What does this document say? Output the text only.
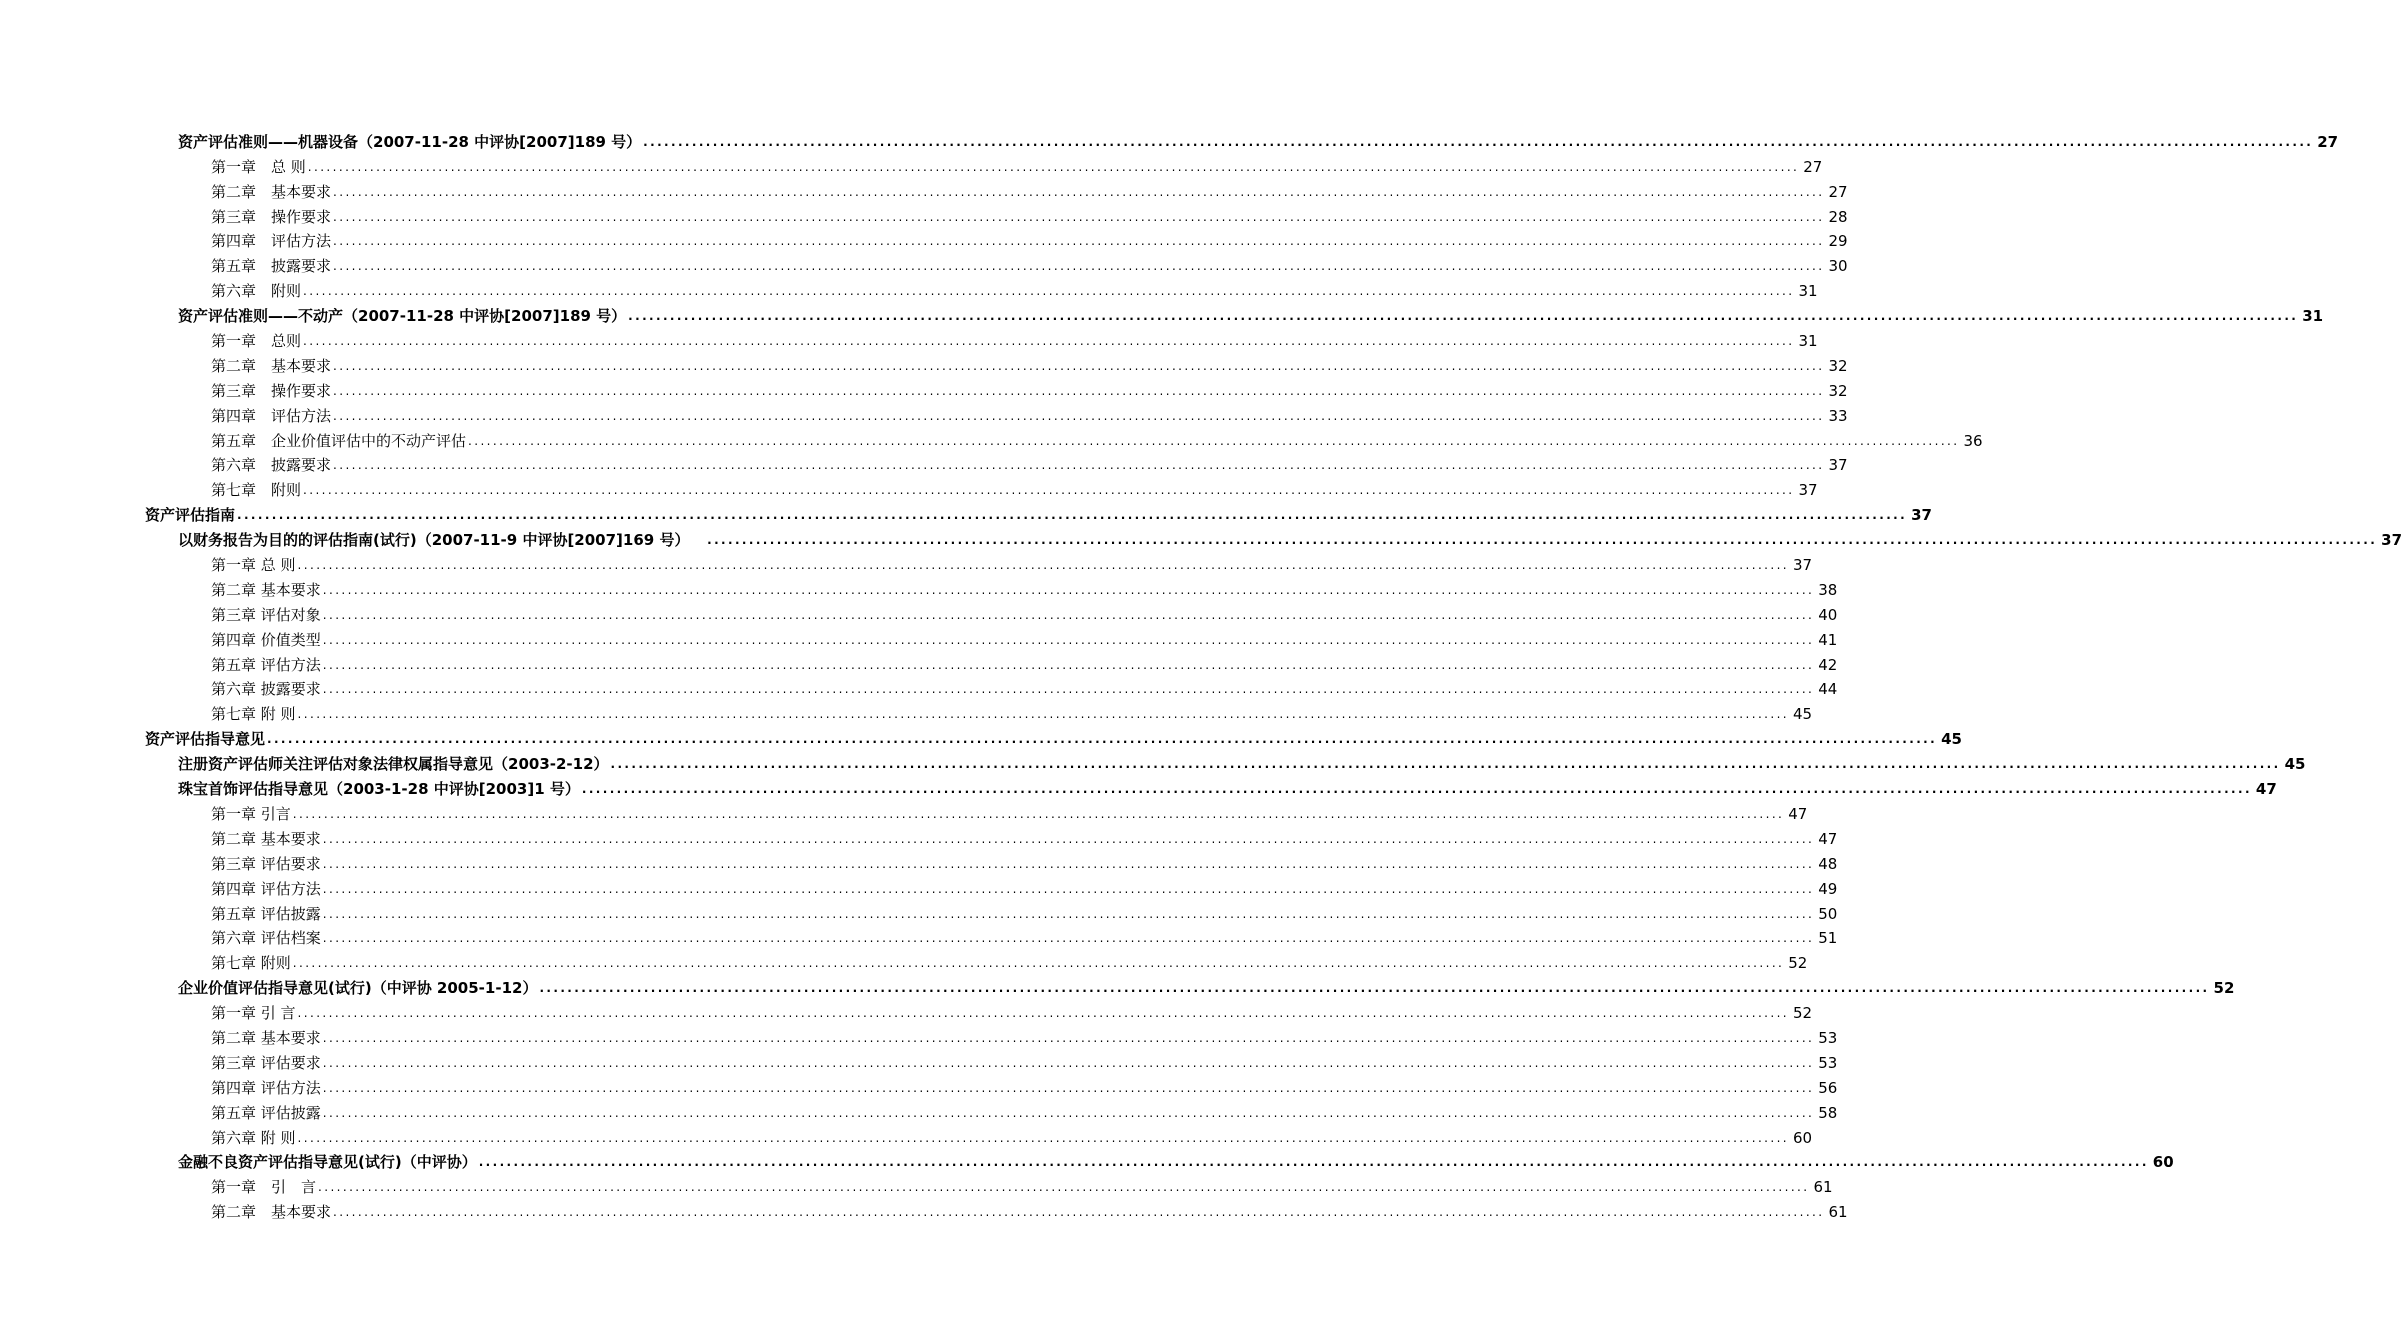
资产评估准则——机器设备（2007-11-28 中评协[2007]189 号） ................................................................................................................................................................................................................................................ 27
第一章　总 则 ................................................................................................................................................................................................................................................ 27
第二章　基本要求 ................................................................................................................................................................................................................................................ 27
第三章　操作要求 ................................................................................................................................................................................................................................................ 28
第四章　评估方法 ................................................................................................................................................................................................................................................ 29
第五章　披露要求 ................................................................................................................................................................................................................................................ 30
第六章　附则 ................................................................................................................................................................................................................................................ 31
资产评估准则——不动产（2007-11-28 中评协[2007]189 号） ................................................................................................................................................................................................................................................ 31
第一章　总则 ................................................................................................................................................................................................................................................ 31
第二章　基本要求 ................................................................................................................................................................................................................................................ 32
第三章　操作要求 ................................................................................................................................................................................................................................................ 32
第四章　评估方法 ................................................................................................................................................................................................................................................ 33
第五章　企业价值评估中的不动产评估 ................................................................................................................................................................................................................................................ 36
第六章　披露要求 ................................................................................................................................................................................................................................................ 37
第七章　附则 ................................................................................................................................................................................................................................................ 37
资产评估指南 ................................................................................................................................................................................................................................................ 37
以财务报告为目的的评估指南(试行)（2007-11-9 中评协[2007]169 号） ................................................................................................................................................................................................................................................ 37
第一章 总 则 ................................................................................................................................................................................................................................................ 37
第二章 基本要求 ................................................................................................................................................................................................................................................ 38
第三章 评估对象 ................................................................................................................................................................................................................................................ 40
第四章 价值类型 ................................................................................................................................................................................................................................................ 41
第五章 评估方法 ................................................................................................................................................................................................................................................ 42
第六章 披露要求 ................................................................................................................................................................................................................................................ 44
第七章 附 则 ................................................................................................................................................................................................................................................ 45
资产评估指导意见 ................................................................................................................................................................................................................................................ 45
注册资产评估师关注评估对象法律权属指导意见（2003-2-12） ................................................................................................................................................................................................................................................ 45
珠宝首饰评估指导意见（2003-1-28 中评协[2003]1 号） ................................................................................................................................................................................................................................................ 47
第一章 引言 ................................................................................................................................................................................................................................................ 47
第二章 基本要求 ................................................................................................................................................................................................................................................ 47
第三章 评估要求 ................................................................................................................................................................................................................................................ 48
第四章 评估方法 ................................................................................................................................................................................................................................................ 49
第五章 评估披露 ................................................................................................................................................................................................................................................ 50
第六章 评估档案 ................................................................................................................................................................................................................................................ 51
第七章 附则 ................................................................................................................................................................................................................................................ 52
企业价值评估指导意见(试行)（中评协 2005-1-12） ................................................................................................................................................................................................................................................ 52
第一章 引 言 ................................................................................................................................................................................................................................................ 52
第二章 基本要求 ................................................................................................................................................................................................................................................ 53
第三章 评估要求 ................................................................................................................................................................................................................................................ 53
第四章 评估方法 ................................................................................................................................................................................................................................................ 56
第五章 评估披露 ................................................................................................................................................................................................................................................ 58
第六章 附 则 ................................................................................................................................................................................................................................................ 60
金融不良资产评估指导意见(试行)（中评协） ................................................................................................................................................................................................................................................ 60
第一章　引　言 ................................................................................................................................................................................................................................................ 61
第二章　基本要求 ................................................................................................................................................................................................................................................ 61
